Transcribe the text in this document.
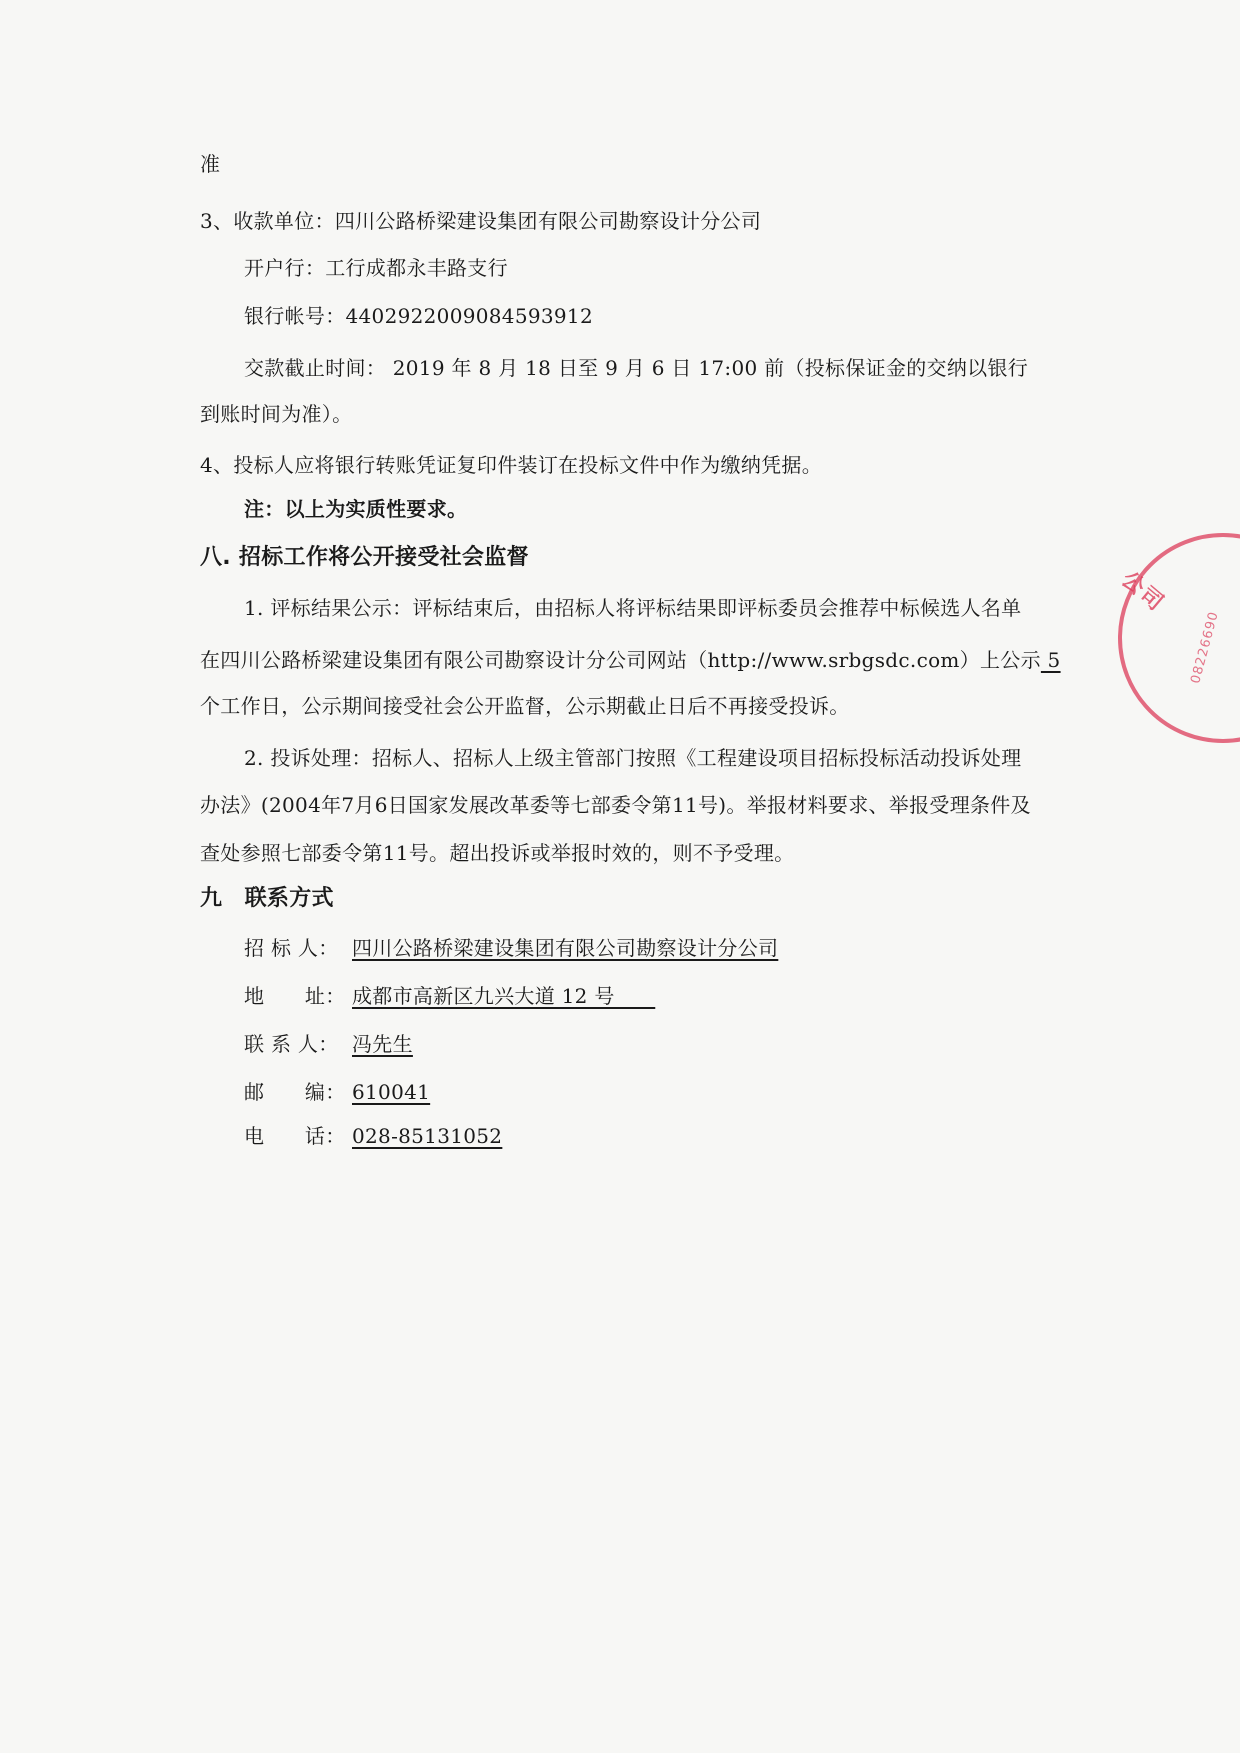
准
3、收款单位：四川公路桥梁建设集团有限公司勘察设计分公司
开户行：工行成都永丰路支行
银行帐号：4402922009084593912
交款截止时间： 2019 年 8 月 18 日至 9 月 6 日 17:00 前（投标保证金的交纳以银行
到账时间为准）。
4、投标人应将银行转账凭证复印件装订在投标文件中作为缴纳凭据。
注：以上为实质性要求。
八. 招标工作将公开接受社会监督
1. 评标结果公示：评标结束后，由招标人将评标结果即评标委员会推荐中标候选人名单
在四川公路桥梁建设集团有限公司勘察设计分公司网站（http://www.srbgsdc.com）上公示 5
个工作日，公示期间接受社会公开监督，公示期截止日后不再接受投诉。
2. 投诉处理：招标人、招标人上级主管部门按照《工程建设项目招标投标活动投诉处理
办法》(2004年7月6日国家发展改革委等七部委令第11号)。举报材料要求、举报受理条件及
查处参照七部委令第11号。超出投诉或举报时效的，则不予受理。
九　联系方式
招 标 人： 四川公路桥梁建设集团有限公司勘察设计分公司
地　　址： 成都市高新区九兴大道 12 号　　
联 系 人： 冯先生
邮　　编： 610041
电　　话： 028-85131052
公司
08226690
